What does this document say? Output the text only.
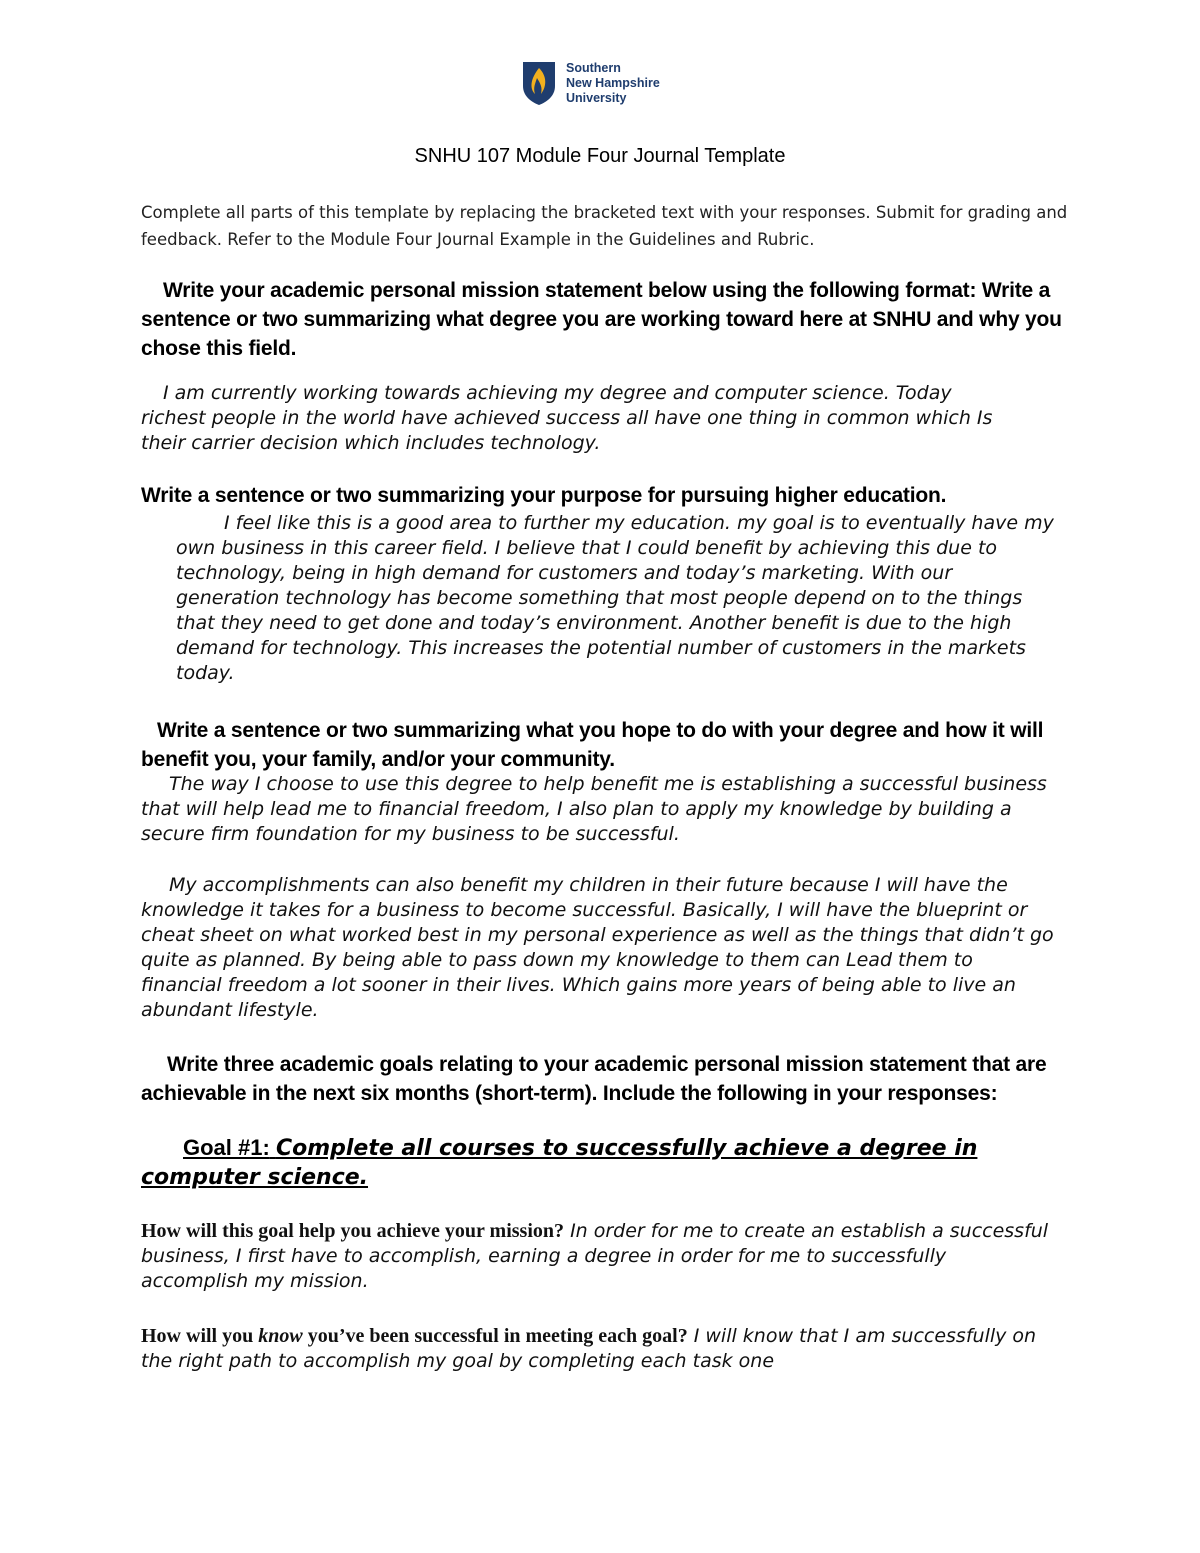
Southern
New Hampshire
University

SNHU 107 Module Four Journal Template

Complete all parts of this template by replacing the bracketed text with your responses. Submit for grading and feedback. Refer to the Module Four Journal Example in the Guidelines and Rubric.

Write your academic personal mission statement below using the following format: Write a sentence or two summarizing what degree you are working toward here at SNHU and why you chose this field.

I am currently working towards achieving my degree and computer science. Today richest people in the world have achieved success all have one thing in common which Is their carrier decision which includes technology.

Write a sentence or two summarizing your purpose for pursuing higher education.

I feel like this is a good area to further my education. my goal is to eventually have my own business in this career field. I believe that I could benefit by achieving this due to technology, being in high demand for customers and today’s marketing. With our generation technology has become something that most people depend on to the things that they need to get done and today’s environment. Another benefit is due to the high demand for technology. This increases the potential number of customers in the markets today.

Write a sentence or two summarizing what you hope to do with your degree and how it will benefit you, your family, and/or your community.

The way I choose to use this degree to help benefit me is establishing a successful business that will help lead me to financial freedom, I also plan to apply my knowledge by building a secure firm foundation for my business to be successful.

My accomplishments can also benefit my children in their future because I will have the knowledge it takes for a business to become successful. Basically, I will have the blueprint or cheat sheet on what worked best in my personal experience as well as the things that didn’t go quite as planned. By being able to pass down my knowledge to them can Lead them to financial freedom a lot sooner in their lives. Which gains more years of being able to live an abundant lifestyle.

Write three academic goals relating to your academic personal mission statement that are achievable in the next six months (short-term). Include the following in your responses:

Goal #1: Complete all courses to successfully achieve a degree in computer science.

How will this goal help you achieve your mission? In order for me to create an establish a successful business, I first have to accomplish, earning a degree in order for me to successfully accomplish my mission.

How will you know you’ve been successful in meeting each goal? I will know that I am successfully on the right path to accomplish my goal by completing each task one
